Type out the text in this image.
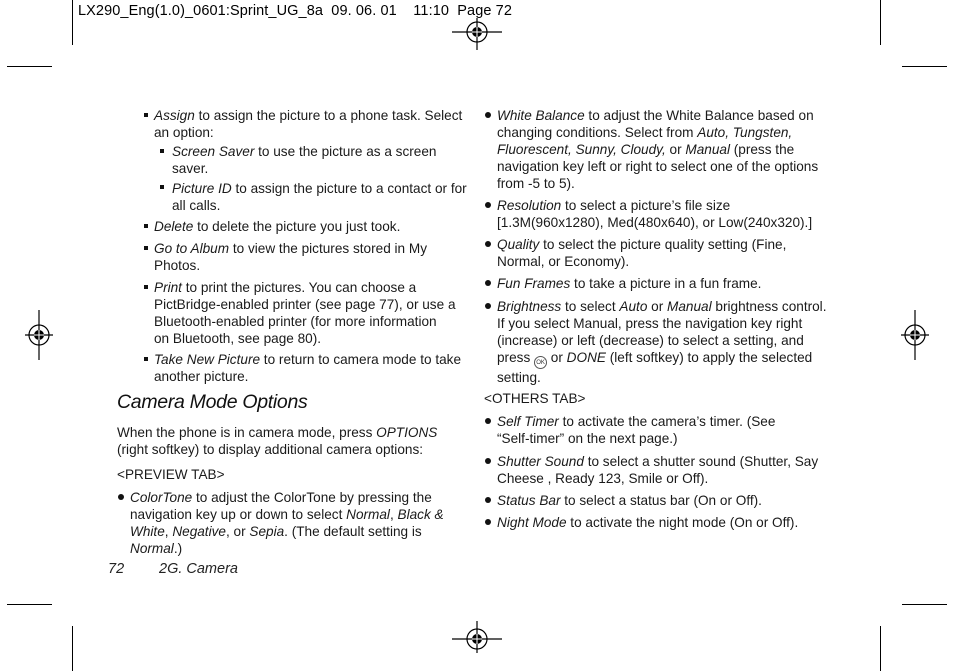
LX290_Eng(1.0)_0601:Sprint_UG_8a  09. 06. 01    11:10  Page 72

Assign to assign the picture to a phone task. Select

an option:

Screen Saver to use the picture as a screen

saver.

Picture ID to assign the picture to a contact or for

all calls.

Delete to delete the picture you just took.

Go to Album to view the pictures stored in My

Photos.

Print to print the pictures. You can choose a

PictBridge-enabled printer (see page 77), or use a

Bluetooth-enabled printer (for more information

on Bluetooth, see page 80).

Take New Picture to return to camera mode to take

another picture.

Camera Mode Options

When the phone is in camera mode, press OPTIONS

(right softkey) to display additional camera options:

<PREVIEW TAB>

ColorTone to adjust the ColorTone by pressing the

navigation key up or down to select Normal, Black &

White, Negative, or Sepia. (The default setting is Normal.)

White Balance to adjust the White Balance based on

changing conditions. Select from Auto, Tungsten,

Fluorescent, Sunny, Cloudy, or Manual (press the

navigation key left or right to select one of the options

from -5 to 5).

Resolution to select a picture’s file size

[1.3M(960x1280), Med(480x640), or Low(240x320).]

Quality to select the picture quality setting (Fine,

Normal, or Economy).

Fun Frames to take a picture in a fun frame.

Brightness to select Auto or Manual brightness control.

If you select Manual, press the navigation key right

(increase) or left (decrease) to select a setting, and

press OK or DONE (left softkey) to apply the selected

setting.

<OTHERS TAB>

Self Timer to activate the camera’s timer. (See

“Self-timer” on the next page.)

Shutter Sound to select a shutter sound (Shutter, Say

Cheese , Ready 123, Smile or Off).

Status Bar to select a status bar (On or Off).

Night Mode to activate the night mode (On or Off).

72 2G. Camera
